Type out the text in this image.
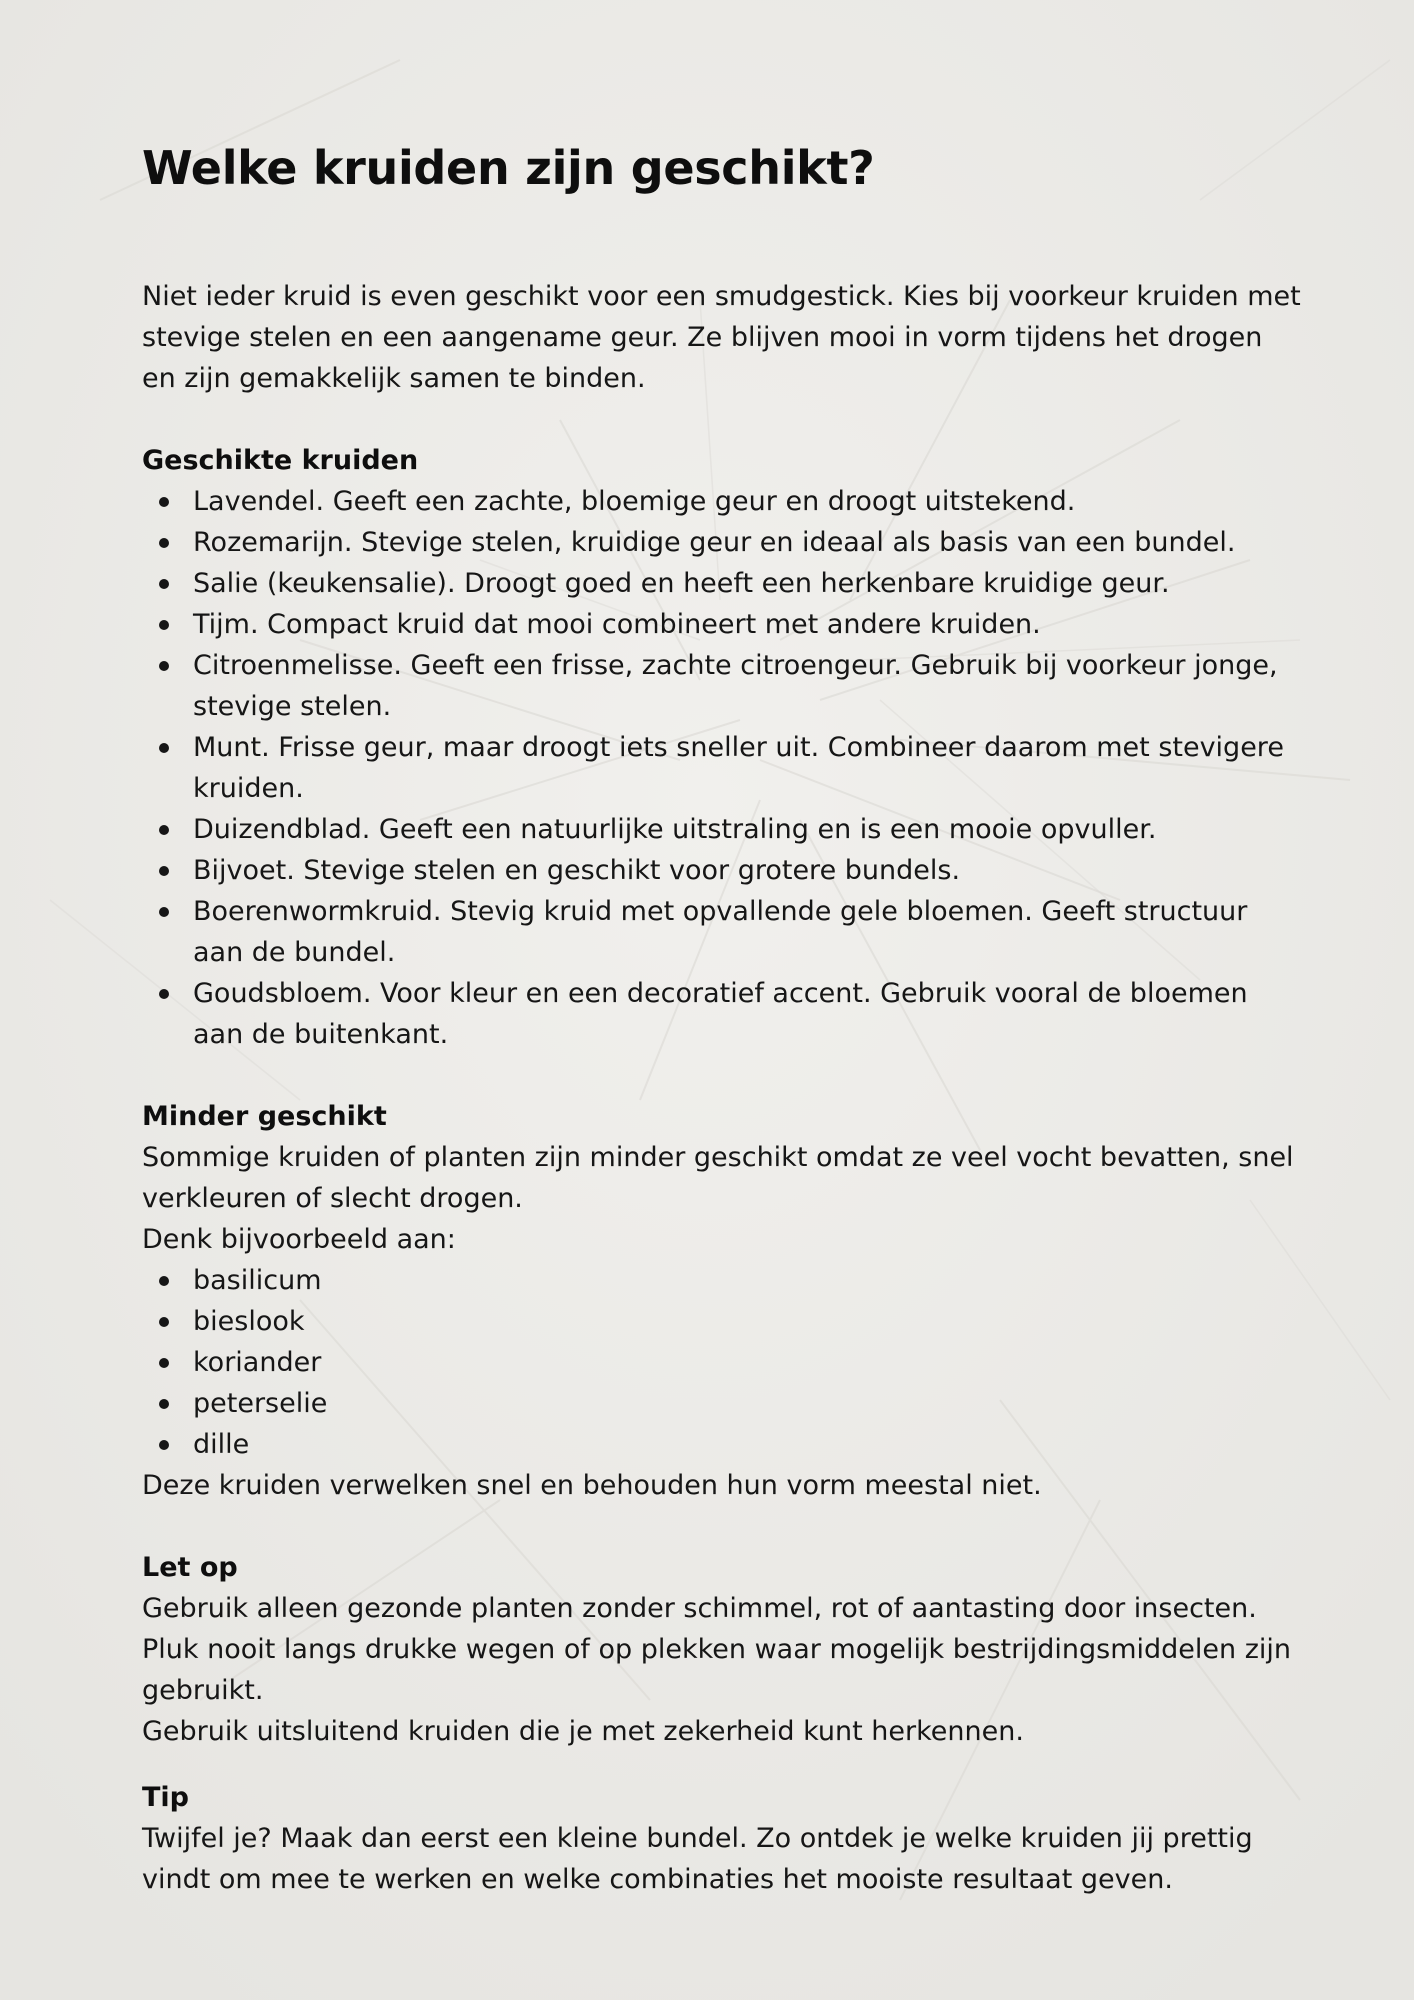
Welke kruiden zijn geschikt?

Niet ieder kruid is even geschikt voor een smudgestick. Kies bij voorkeur kruiden met stevige stelen en een aangename geur. Ze blijven mooi in vorm tijdens het drogen en zijn gemakkelijk samen te binden.

Geschikte kruiden
Lavendel. Geeft een zachte, bloemige geur en droogt uitstekend.
Rozemarijn. Stevige stelen, kruidige geur en ideaal als basis van een bundel.
Salie (keukensalie). Droogt goed en heeft een herkenbare kruidige geur.
Tijm. Compact kruid dat mooi combineert met andere kruiden.
Citroenmelisse. Geeft een frisse, zachte citroengeur. Gebruik bij voorkeur jonge, stevige stelen.
Munt. Frisse geur, maar droogt iets sneller uit. Combineer daarom met stevigere kruiden.
Duizendblad. Geeft een natuurlijke uitstraling en is een mooie opvuller.
Bijvoet. Stevige stelen en geschikt voor grotere bundels.
Boerenwormkruid. Stevig kruid met opvallende gele bloemen. Geeft structuur aan de bundel.
Goudsbloem. Voor kleur en een decoratief accent. Gebruik vooral de bloemen aan de buitenkant.
Minder geschikt

Sommige kruiden of planten zijn minder geschikt omdat ze veel vocht bevatten, snel verkleuren of slecht drogen.

Denk bijvoorbeeld aan:

basilicum
bieslook
koriander
peterselie
dille

Deze kruiden verwelken snel en behouden hun vorm meestal niet.

Let op

Gebruik alleen gezonde planten zonder schimmel, rot of aantasting door insecten. Pluk nooit langs drukke wegen of op plekken waar mogelijk bestrijdingsmiddelen zijn gebruikt.

Gebruik uitsluitend kruiden die je met zekerheid kunt herkennen.

Tip

Twijfel je? Maak dan eerst een kleine bundel. Zo ontdek je welke kruiden jij prettig vindt om mee te werken en welke combinaties het mooiste resultaat geven.
